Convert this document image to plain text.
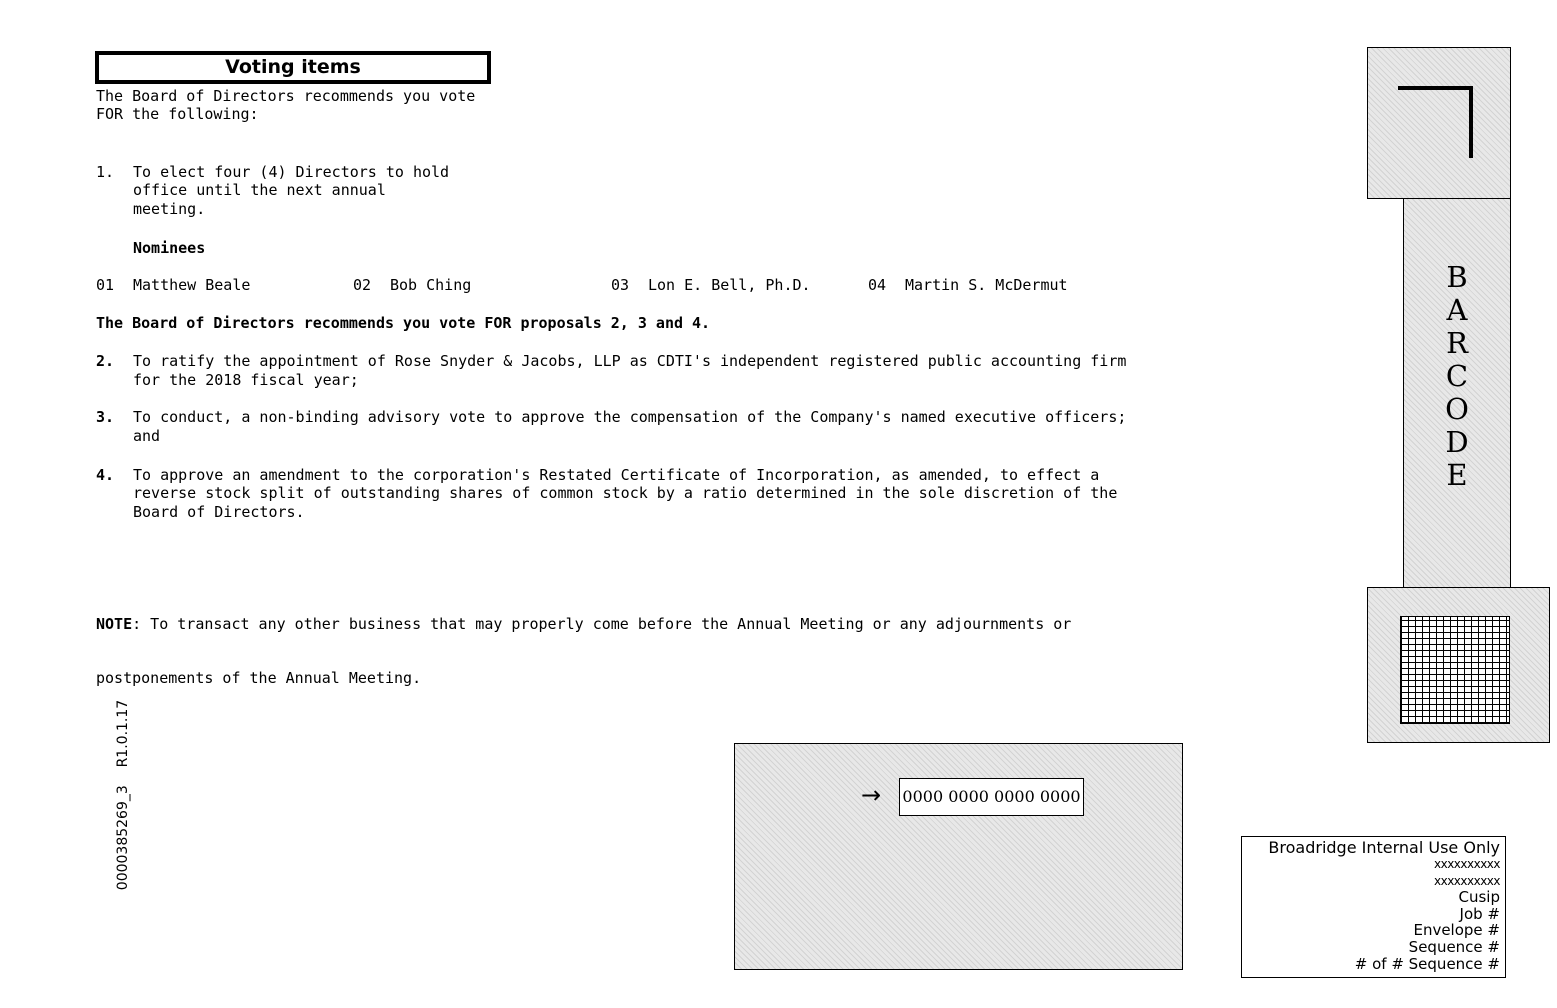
Voting items
The Board of Directors recommends you vote
FOR the following:
1. To elect four (4) Directors to hold
office until the next annual
meeting.
Nominees
01 Matthew Beale	02 Bob Ching	03 Lon E. Bell, Ph.D.	04 Martin S. McDermut
The Board of Directors recommends you vote FOR proposals 2, 3 and 4.
2. To ratify the appointment of Rose Snyder & Jacobs, LLP as CDTI's independent registered public accounting firm
for the 2018 fiscal year;
3. To conduct, a non-binding advisory vote to approve the compensation of the Company's named executive officers;
and
4. To approve an amendment to the corporation's Restated Certificate of Incorporation, as amended, to effect a
reverse stock split of outstanding shares of common stock by a ratio determined in the sole discretion of the
Board of Directors.

NOTE: To transact any other business that may properly come before the Annual Meeting or any adjournments or

postponements of the Annual Meeting.

B
A
R
C
O
D
E
→ 0000 0000 0000 0000
Broadridge Internal Use Only
xxxxxxxxxx
xxxxxxxxxx
Cusip
Job #
Envelope #
Sequence #
# of # Sequence #
0000385269_3    R1.0.1.17
